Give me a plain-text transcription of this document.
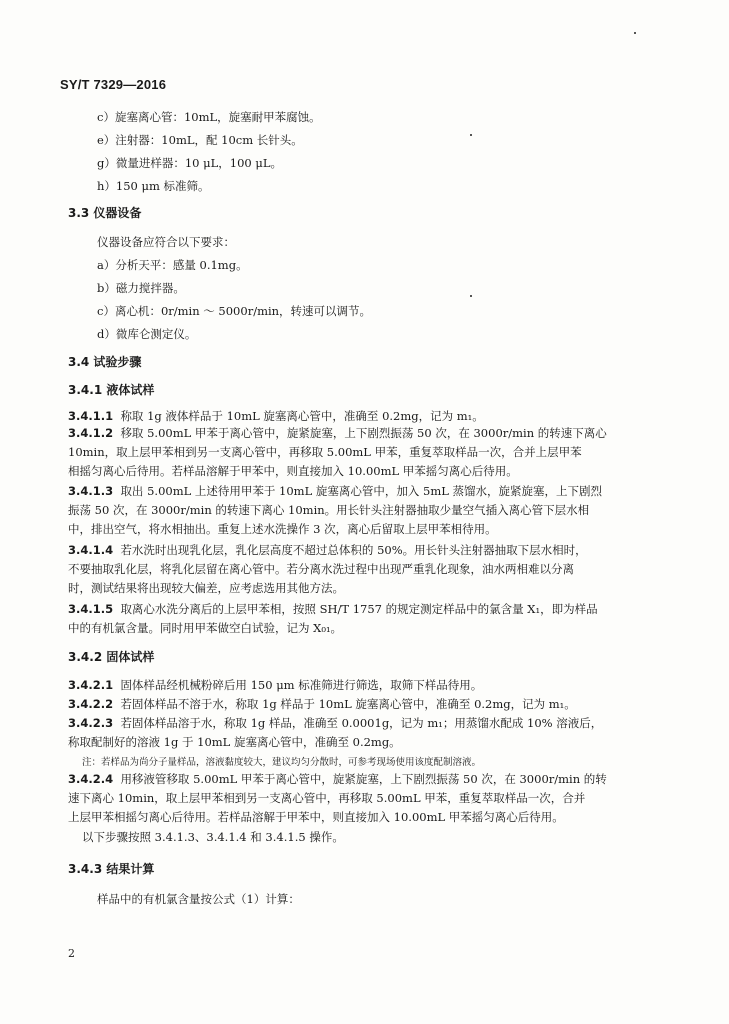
SY/T 7329—2016
c）旋塞离心管：10mL，旋塞耐甲苯腐蚀。
e）注射器：10mL，配 10cm 长针头。
g）微量进样器：10 μL，100 μL。
h）150 μm 标准筛。
3.3 仪器设备
仪器设备应符合以下要求：
a）分析天平：感量 0.1mg。
b）磁力搅拌器。
c）离心机：0r/min ～ 5000r/min，转速可以调节。
d）微库仑测定仪。
3.4 试验步骤
3.4.1 液体试样
3.4.1.1 称取 1g 液体样品于 10mL 旋塞离心管中，准确至 0.2mg，记为 m₁。
3.4.1.2 移取 5.00mL 甲苯于离心管中，旋紧旋塞，上下剧烈振荡 50 次，在 3000r/min 的转速下离心
10min，取上层甲苯相到另一支离心管中，再移取 5.00mL 甲苯，重复萃取样品一次，合并上层甲苯
相摇匀离心后待用。若样品溶解于甲苯中，则直接加入 10.00mL 甲苯摇匀离心后待用。
3.4.1.3 取出 5.00mL 上述待用甲苯于 10mL 旋塞离心管中，加入 5mL 蒸馏水，旋紧旋塞，上下剧烈
振荡 50 次，在 3000r/min 的转速下离心 10min。用长针头注射器抽取少量空气插入离心管下层水相
中，排出空气，将水相抽出。重复上述水洗操作 3 次，离心后留取上层甲苯相待用。
3.4.1.4 若水洗时出现乳化层，乳化层高度不超过总体积的 50%。用长针头注射器抽取下层水相时，
不要抽取乳化层，将乳化层留在离心管中。若分离水洗过程中出现严重乳化现象，油水两相难以分离
时，测试结果将出现较大偏差，应考虑选用其他方法。
3.4.1.5 取离心水洗分离后的上层甲苯相，按照 SH/T 1757 的规定测定样品中的氯含量 X₁，即为样品
中的有机氯含量。同时用甲苯做空白试验，记为 X₀₁。
3.4.2 固体试样
3.4.2.1 固体样品经机械粉碎后用 150 μm 标准筛进行筛选，取筛下样品待用。
3.4.2.2 若固体样品不溶于水，称取 1g 样品于 10mL 旋塞离心管中，准确至 0.2mg，记为 m₁。
3.4.2.3 若固体样品溶于水，称取 1g 样品，准确至 0.0001g，记为 m₁；用蒸馏水配成 10% 溶液后，
称取配制好的溶液 1g 于 10mL 旋塞离心管中，准确至 0.2mg。
注：若样品为尚分子量样品，溶液黏度较大，建议均匀分散时，可参考现场使用该度配制溶液。
3.4.2.4 用移液管移取 5.00mL 甲苯于离心管中，旋紧旋塞，上下剧烈振荡 50 次，在 3000r/min 的转
速下离心 10min，取上层甲苯相到另一支离心管中，再移取 5.00mL 甲苯，重复萃取样品一次，合并
上层甲苯相摇匀离心后待用。若样品溶解于甲苯中，则直接加入 10.00mL 甲苯摇匀离心后待用。
以下步骤按照 3.4.1.3、3.4.1.4 和 3.4.1.5 操作。
3.4.3 结果计算
样品中的有机氯含量按公式（1）计算：
2
